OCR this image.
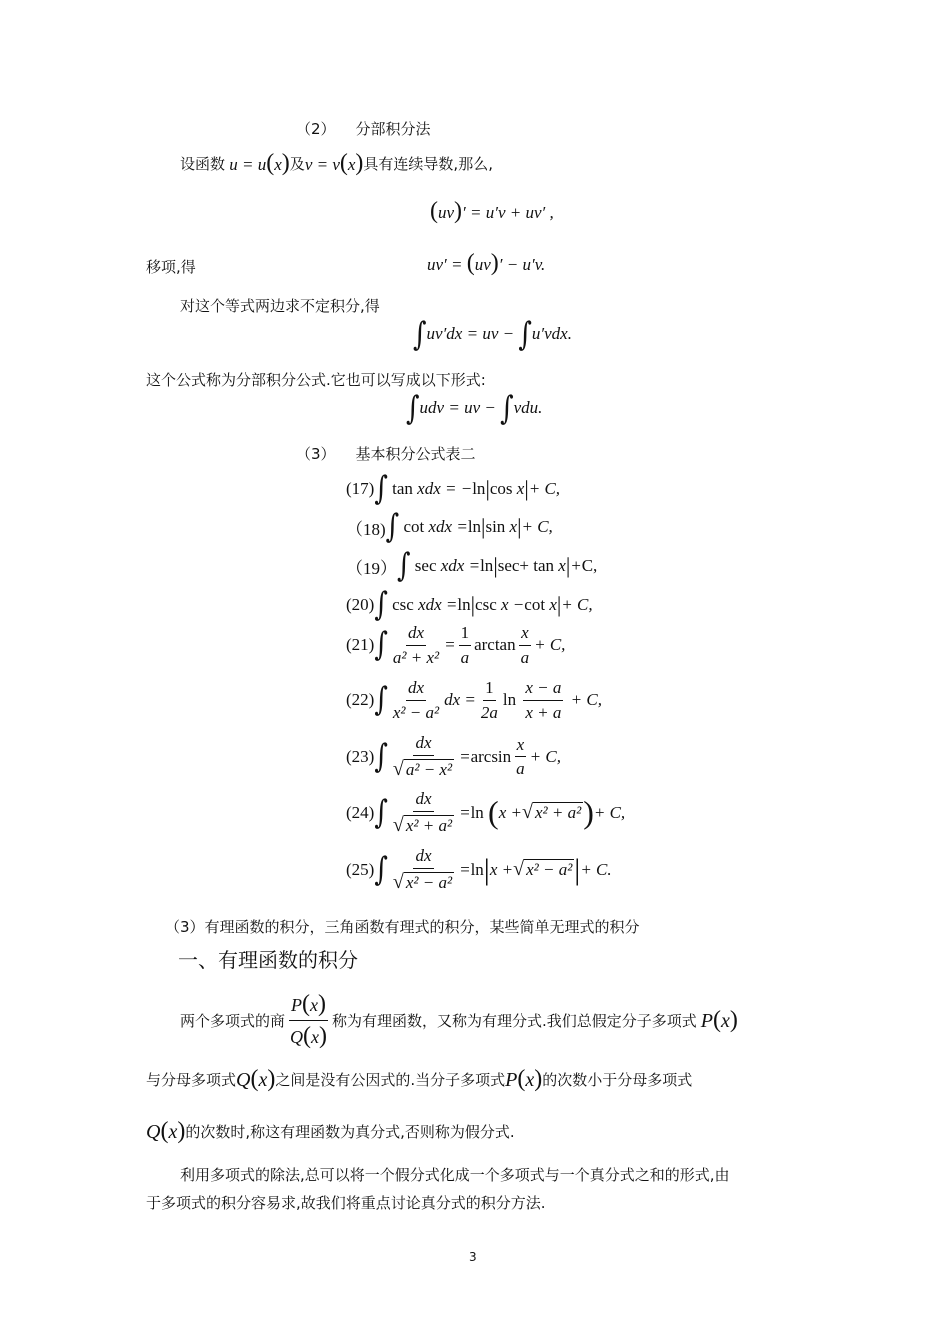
（2） 分部积分法
设函数 u = u(x) 及 v = v(x) 具有连续导数,那么,
(uv)′ = u′v + uv′ ,
移项,得	uv′ = (uv)′ − u′v.
对这个等式两边求不定积分,得
∫uv′dx = uv − ∫u′vdx.
这个公式称为分部积分公式.它也可以写成以下形式:
∫udv = uv − ∫vdu.
（3） 基本积分公式表二
(17) ∫
tan xdx = − ln | cos x | + C,
（18) ∫
cot xdx = ln | sin x | + C,
（19） ∫
sec xdx = ln | sec+ tan x | + C,
(20) ∫
csc xdx = ln | csc x − cot x | + C,
(21) ∫ $\frac{dx}{\text{a² + x²}} = \frac{1}{a}$ $\arctan \frac{x}{a} + C$,
(22) ∫ $\frac{dx}{\text{x² − a²}}$ dx = $\frac{1}{2a}$ ln
$\frac{x - a}{x + a} + C$,
(23) ∫ $\frac{dx}{\text{√ a² − x²}} = \arcsin \frac{x}{a} + C$,
(24) ∫ $\frac{dx}{\text{√ x² + a²}} = \ln$
( x + √ x² + a² ) + C,
(25) ∫ $\frac{dx}{\text{√ x² − a²}} = \ln$ | x + √ x² − a² | + C.
（3）有理函数的积分，三角函数有理式的积分，某些简单无理式的积分
一、有理函数的积分
两个多项式的商 $\frac{P(x)}{Q(x)}$ 称为有理函数，又称为有理分式.我们总假定分子多项式 P(x)
与分母多项式 Q(x) 之间是没有公因式的.当分子多项式 P(x) 的次数小于分母多项式
Q(x) 的次数时,称这有理函数为真分式,否则称为假分式.
利用多项式的除法,总可以将一个假分式化成一个多项式与一个真分式之和的形式,由
于多项式的积分容易求,故我们将重点讨论真分式的积分方法.
3
